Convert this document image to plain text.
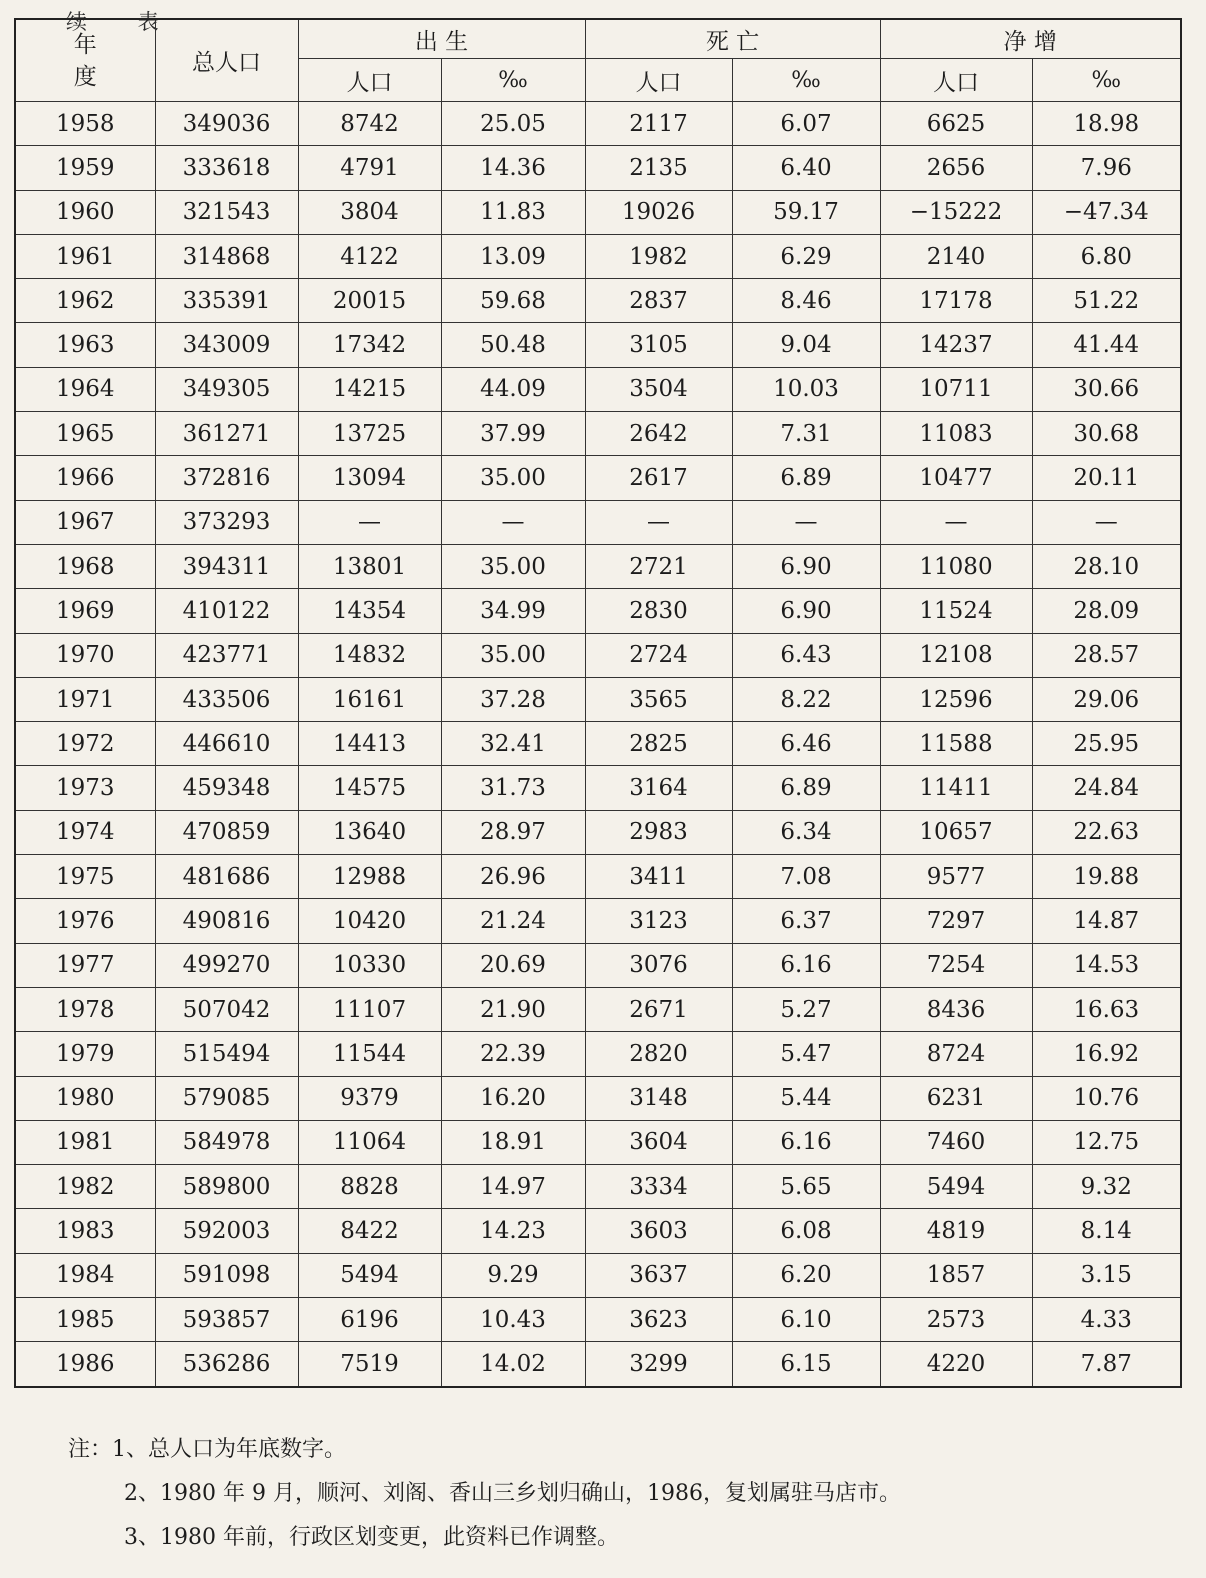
续 表
年
度	总人口	出 生		死 亡		净 增	
		人口	‰	人口	‰	人口	‰
1958	349036	8742	25.05	2117	6.07	6625	18.98
1959	333618	4791	14.36	2135	6.40	2656	7.96
1960	321543	3804	11.83	19026	59.17	−15222	−47.34
1961	314868	4122	13.09	1982	6.29	2140	6.80
1962	335391	20015	59.68	2837	8.46	17178	51.22
1963	343009	17342	50.48	3105	9.04	14237	41.44
1964	349305	14215	44.09	3504	10.03	10711	30.66
1965	361271	13725	37.99	2642	7.31	11083	30.68
1966	372816	13094	35.00	2617	6.89	10477	20.11
1967	373293	—	—	—	—	—	—
1968	394311	13801	35.00	2721	6.90	11080	28.10
1969	410122	14354	34.99	2830	6.90	11524	28.09
1970	423771	14832	35.00	2724	6.43	12108	28.57
1971	433506	16161	37.28	3565	8.22	12596	29.06
1972	446610	14413	32.41	2825	6.46	11588	25.95
1973	459348	14575	31.73	3164	6.89	11411	24.84
1974	470859	13640	28.97	2983	6.34	10657	22.63
1975	481686	12988	26.96	3411	7.08	9577	19.88
1976	490816	10420	21.24	3123	6.37	7297	14.87
1977	499270	10330	20.69	3076	6.16	7254	14.53
1978	507042	11107	21.90	2671	5.27	8436	16.63
1979	515494	11544	22.39	2820	5.47	8724	16.92
1980	579085	9379	16.20	3148	5.44	6231	10.76
1981	584978	11064	18.91	3604	6.16	7460	12.75
1982	589800	8828	14.97	3334	5.65	5494	9.32
1983	592003	8422	14.23	3603	6.08	4819	8.14
1984	591098	5494	9.29	3637	6.20	1857	3.15
1985	593857	6196	10.43	3623	6.10	2573	4.33
1986	536286	7519	14.02	3299	6.15	4220	7.87
注：1、总人口为年底数字。
2、1980 年 9 月，顺河、刘阁、香山三乡划归确山，1986，复划属驻马店市。
3、1980 年前，行政区划变更，此资料已作调整。
